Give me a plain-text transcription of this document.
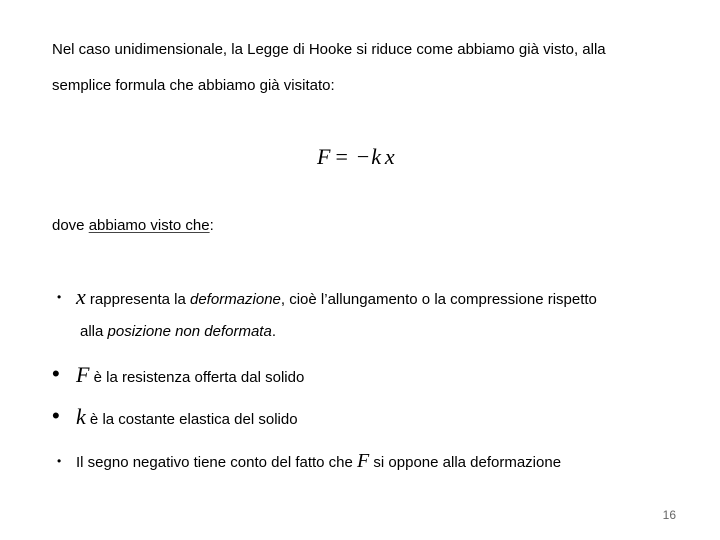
Nel caso unidimensionale, la Legge di Hooke si riduce come abbiamo già visto, alla
semplice formula che abbiamo già visitato:
F = −k  x
dove abbiamo visto che:
• x rappresenta la deformazione, cioè l’allungamento o la compressione rispetto
alla posizione non deformata.
• F è la resistenza offerta dal solido
• k è la costante elastica del solido
• Il segno negativo tiene conto del fatto che F si oppone alla deformazione
16
